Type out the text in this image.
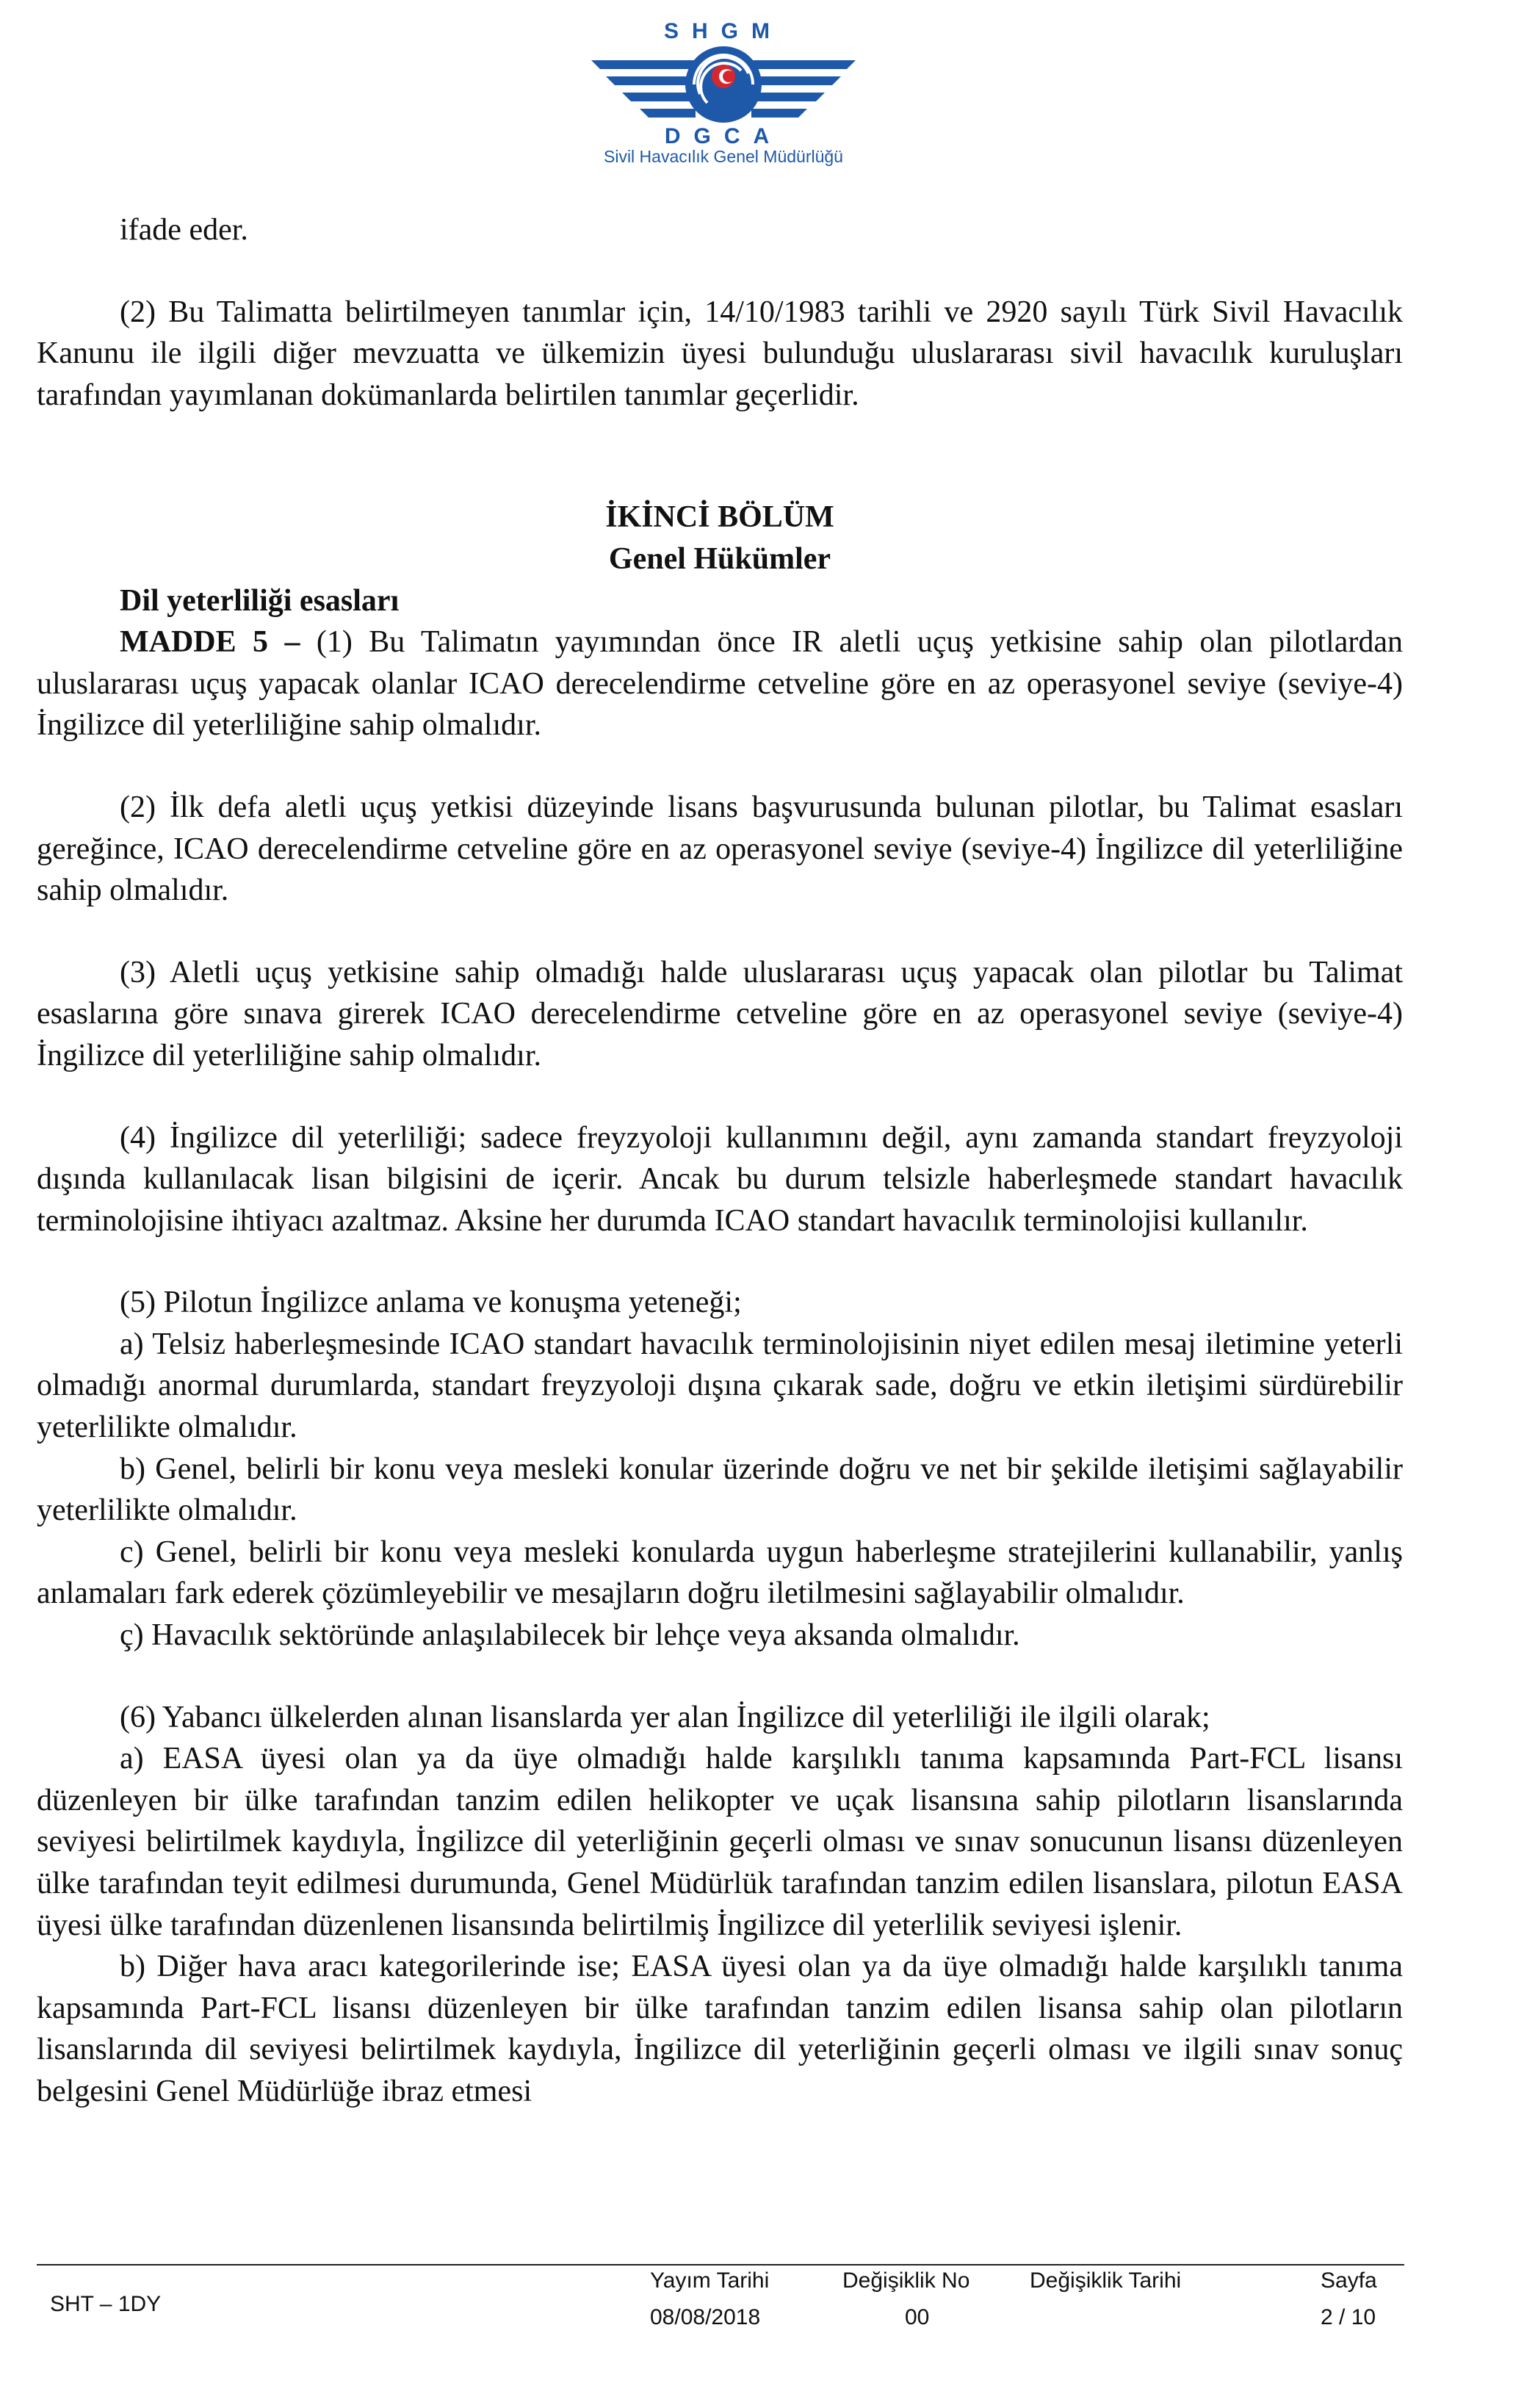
SHGM
DGCA
Sivil Havacılık Genel Müdürlüğü

ifade eder.

(2) Bu Talimatta belirtilmeyen tanımlar için, 14/10/1983 tarihli ve 2920 sayılı Türk Sivil Havacılık Kanunu ile ilgili diğer mevzuatta ve ülkemizin üyesi bulunduğu uluslararası sivil havacılık kuruluşları tarafından yayımlanan dokümanlarda belirtilen tanımlar geçerlidir.

İKİNCİ BÖLÜM

Genel Hükümler

Dil yeterliliği esasları

MADDE 5 – (1) Bu Talimatın yayımından önce IR aletli uçuş yetkisine sahip olan pilotlardan uluslararası uçuş yapacak olanlar ICAO derecelendirme cetveline göre en az operasyonel seviye (seviye-4) İngilizce dil yeterliliğine sahip olmalıdır.

(2) İlk defa aletli uçuş yetkisi düzeyinde lisans başvurusunda bulunan pilotlar, bu Talimat esasları gereğince, ICAO derecelendirme cetveline göre en az operasyonel seviye (seviye-4) İngilizce dil yeterliliğine sahip olmalıdır.

(3) Aletli uçuş yetkisine sahip olmadığı halde uluslararası uçuş yapacak olan pilotlar bu Talimat esaslarına göre sınava girerek ICAO derecelendirme cetveline göre en az operasyonel seviye (seviye-4) İngilizce dil yeterliliğine sahip olmalıdır.

(4) İngilizce dil yeterliliği; sadece freyzyoloji kullanımını değil, aynı zamanda standart freyzyoloji dışında kullanılacak lisan bilgisini de içerir. Ancak bu durum telsizle haberleşmede standart havacılık terminolojisine ihtiyacı azaltmaz. Aksine her durumda ICAO standart havacılık terminolojisi kullanılır.

(5) Pilotun İngilizce anlama ve konuşma yeteneği;

a) Telsiz haberleşmesinde ICAO standart havacılık terminolojisinin niyet edilen mesaj iletimine yeterli olmadığı anormal durumlarda, standart freyzyoloji dışına çıkarak sade, doğru ve etkin iletişimi sürdürebilir yeterlilikte olmalıdır.

b) Genel, belirli bir konu veya mesleki konular üzerinde doğru ve net bir şekilde iletişimi sağlayabilir yeterlilikte olmalıdır.

c) Genel, belirli bir konu veya mesleki konularda uygun haberleşme stratejilerini kullanabilir, yanlış anlamaları fark ederek çözümleyebilir ve mesajların doğru iletilmesini sağlayabilir olmalıdır.

ç) Havacılık sektöründe anlaşılabilecek bir lehçe veya aksanda olmalıdır.

(6) Yabancı ülkelerden alınan lisanslarda yer alan İngilizce dil yeterliliği ile ilgili olarak;

a) EASA üyesi olan ya da üye olmadığı halde karşılıklı tanıma kapsamında Part-FCL lisansı düzenleyen bir ülke tarafından tanzim edilen helikopter ve uçak lisansına sahip pilotların lisanslarında seviyesi belirtilmek kaydıyla, İngilizce dil yeterliğinin geçerli olması ve sınav sonucunun lisansı düzenleyen ülke tarafından teyit edilmesi durumunda, Genel Müdürlük tarafından tanzim edilen lisanslara, pilotun EASA üyesi ülke tarafından düzenlenen lisansında belirtilmiş İngilizce dil yeterlilik seviyesi işlenir.

b) Diğer hava aracı kategorilerinde ise; EASA üyesi olan ya da üye olmadığı halde karşılıklı tanıma kapsamında Part-FCL lisansı düzenleyen bir ülke tarafından tanzim edilen lisansa sahip olan pilotların lisanslarında dil seviyesi belirtilmek kaydıyla, İngilizce dil yeterliğinin geçerli olması ve ilgili sınav sonuç belgesini Genel Müdürlüğe ibraz etmesi

SHT – 1DY
Yayım Tarihi
08/08/2018
Değişiklik No
00
Değişiklik Tarihi	Sayfa
2 / 10
